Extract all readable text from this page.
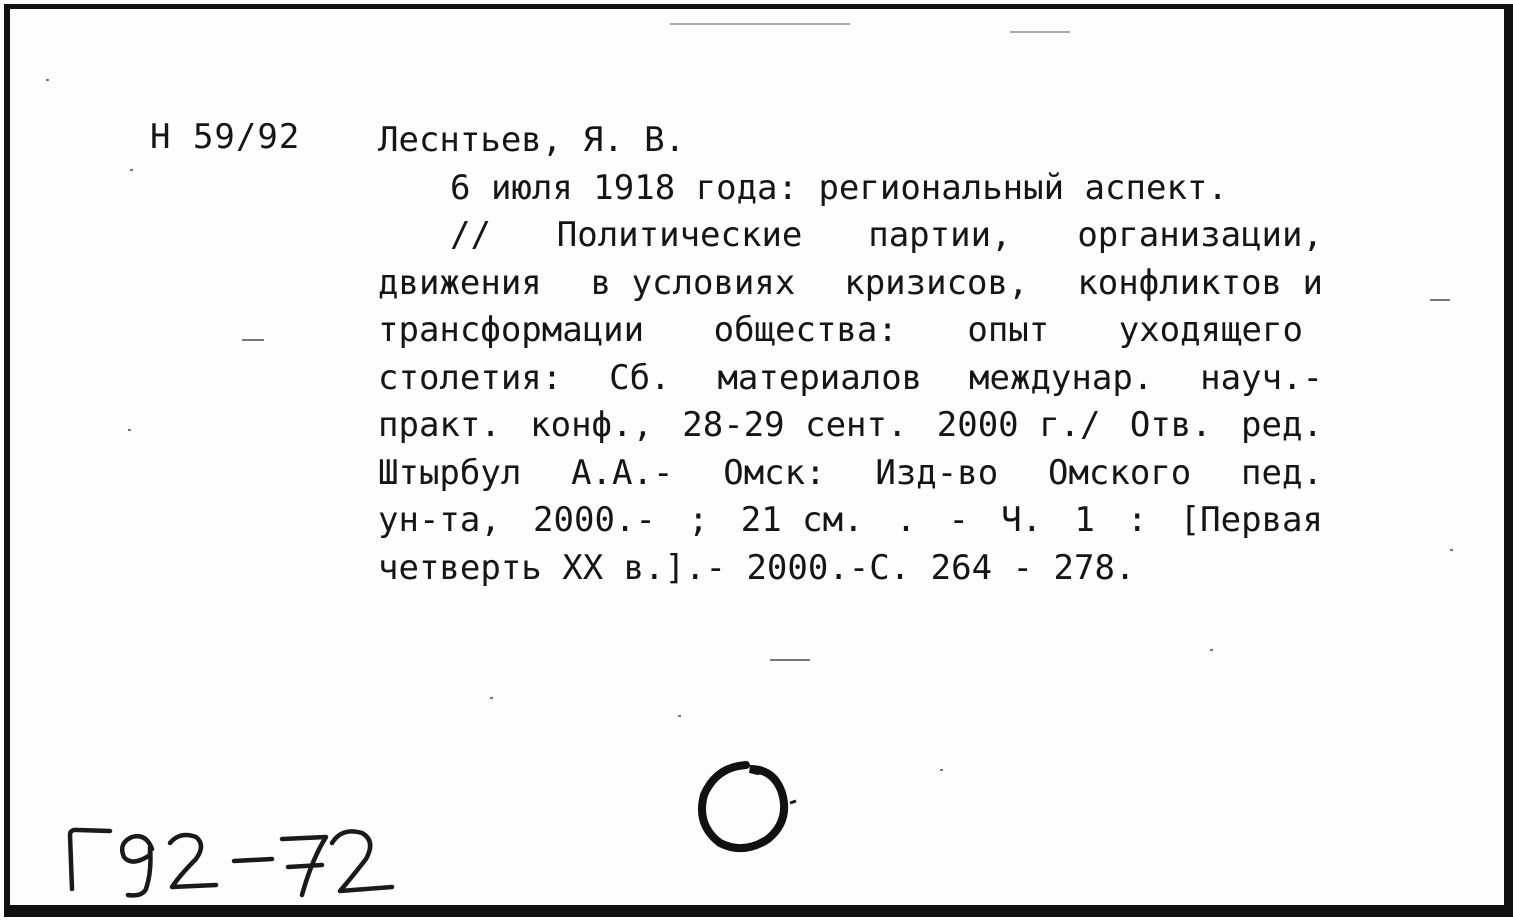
Н 59/92 Леснтьев, Я. В.
6 июля 1918 года: региональный аспект.
// Политические партии, организации,
движения в условиях кризисов, конфликтов и
трансформации общества: опыт уходящего
столетия: Сб. материалов междунар. науч.-
практ. конф., 28-29 сент. 2000 г./ Отв. ред.
Штырбул А.А.- Омск: Изд-во Омского пед.
ун-та, 2000.- ; 21 см. . - Ч. 1 : [Первая
четверть XX в.].- 2000.-С. 264 - 278.
